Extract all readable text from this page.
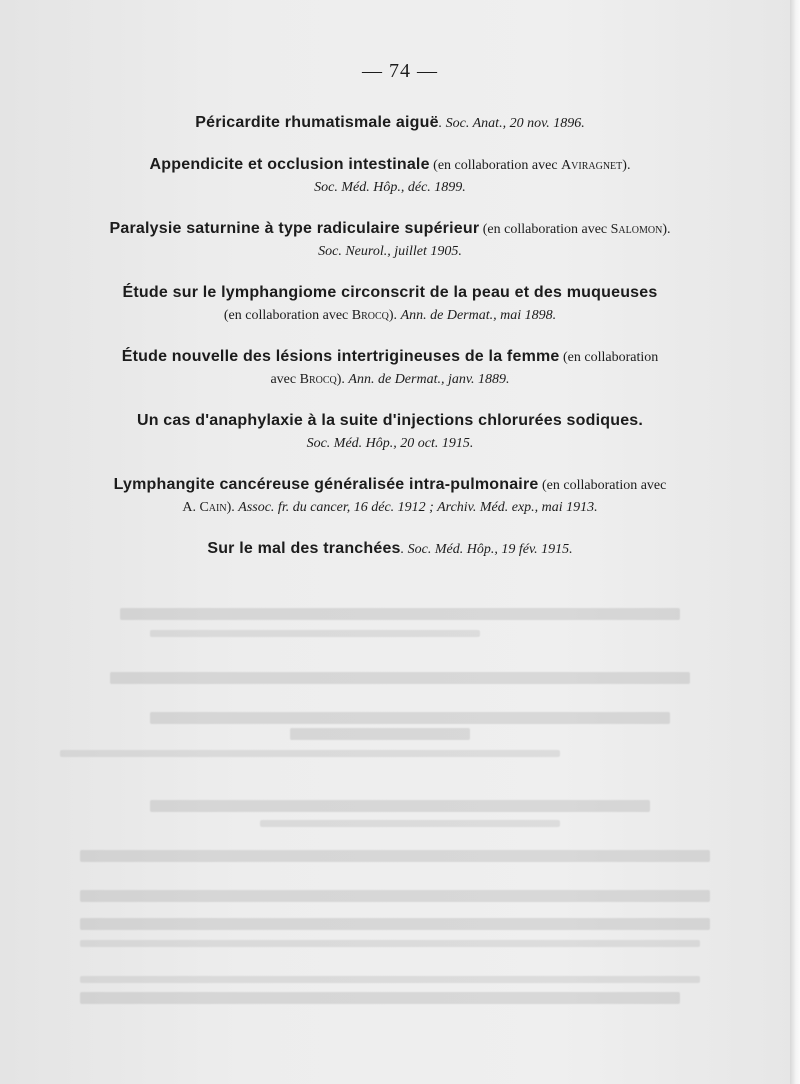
— 74 —
Péricardite rhumatismale aiguë. Soc. Anat., 20 nov. 1896.
Appendicite et occlusion intestinale (en collaboration avec Aviragnet).
Soc. Méd. Hôp., déc. 1899.
Paralysie saturnine à type radiculaire supérieur (en collaboration avec Salomon).
Soc. Neurol., juillet 1905.
Étude sur le lymphangiome circonscrit de la peau et des muqueuses
(en collaboration avec Brocq). Ann. de Dermat., mai 1898.
Étude nouvelle des lésions intertrigineuses de la femme (en collaboration
avec Brocq). Ann. de Dermat., janv. 1889.
Un cas d'anaphylaxie à la suite d'injections chlorurées sodiques.
Soc. Méd. Hôp., 20 oct. 1915.
Lymphangite cancéreuse généralisée intra-pulmonaire (en collaboration avec
A. Cain). Assoc. fr. du cancer, 16 déc. 1912 ; Archiv. Méd. exp., mai 1913.
Sur le mal des tranchées. Soc. Méd. Hôp., 19 fév. 1915.
